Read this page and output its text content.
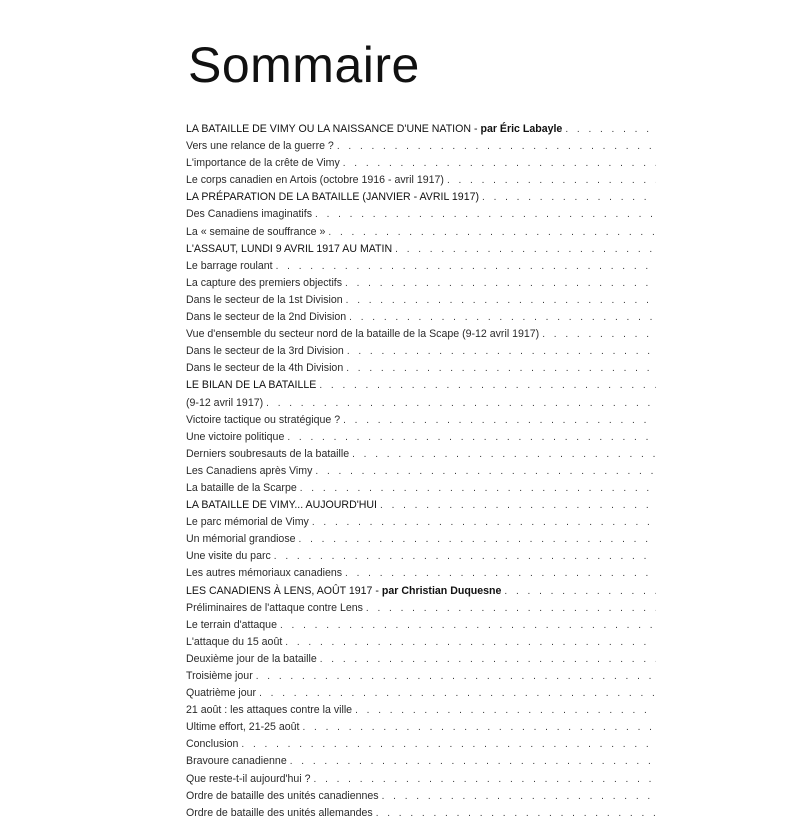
Sommaire
LA BATAILLE DE VIMY OU LA NAISSANCE D'UNE NATION - par Éric Labayle
. . .
Vers une relance de la guerre ?
. . .
L'importance de la crête de Vimy
. . .
Le corps canadien en Artois (octobre 1916 - avril 1917)
. . .
LA PRÉPARATION DE LA BATAILLE (JANVIER - AVRIL 1917)
. . .
Des Canadiens imaginatifs
. . .
La « semaine de souffrance »
. . .
L'ASSAUT, LUNDI 9 AVRIL 1917 AU MATIN
. . .
Le barrage roulant
. . .
La capture des premiers objectifs
. . .
Dans le secteur de la 1st Division
. . .
Dans le secteur de la 2nd Division
. . .
Vue d'ensemble du secteur nord de la bataille de la Scape (9-12 avril 1917)
. . .
Dans le secteur de la 3rd Division
. . .
Dans le secteur de la 4th Division
. . .
LE BILAN DE LA BATAILLE
. . .
(9-12 avril 1917)
. . .
Victoire tactique ou stratégique ?
. . .
Une victoire politique
. . .
Derniers soubresauts de la bataille
. . .
Les Canadiens après Vimy
. . .
La bataille de la Scarpe
. . .
LA BATAILLE DE VIMY... AUJOURD'HUI
. . .
Le parc mémorial de Vimy
. . .
Un mémorial grandiose
. . .
Une visite du parc
. . .
Les autres mémoriaux canadiens
. . .
LES CANADIENS À LENS, AOÛT 1917 - par Christian Duquesne
. . .
Préliminaires de l'attaque contre Lens
. . .
Le terrain d'attaque
. . .
L'attaque du 15 août
. . .
Deuxième jour de la bataille
. . .
Troisième jour
. . .
Quatrième jour
. . .
21 août : les attaques contre la ville
. . .
Ultime effort, 21-25 août
. . .
Conclusion
. . .
Bravoure canadienne
. . .
Que reste-t-il aujourd'hui ?
. . .
Ordre de bataille des unités canadiennes
. . .
Ordre de bataille des unités allemandes
. . .
